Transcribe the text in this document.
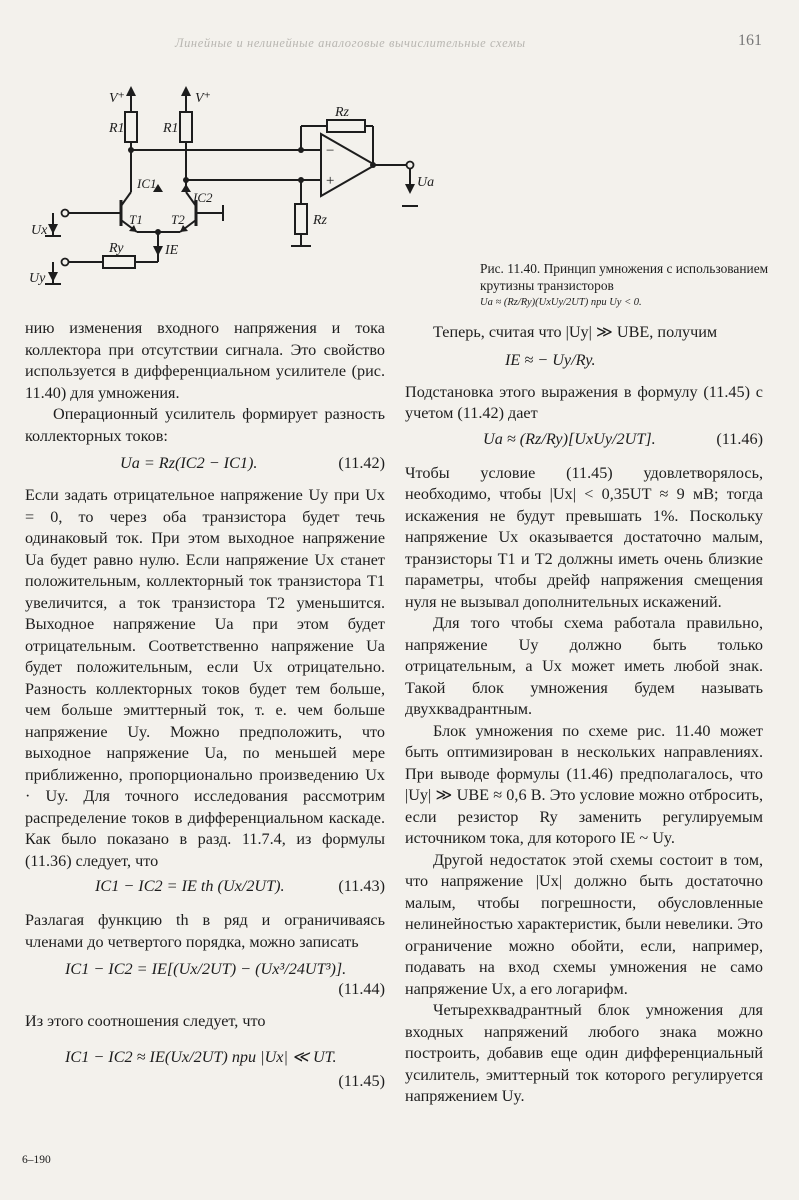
Линейные и нелинейные аналоговые вычислительные схемы	161
V⁺	V⁺
R1	R1
Rz
Rz
IC1
IC2
T1 T2
Ux
Ry	IE
Uy
Ua
−
+
Рис. 11.40. Принцип умножения с использованием крутизны транзисторов
Ua ≈ (Rz/Ry)(UxUy/2UT) при Uy < 0.

нию изменения входного напряжения и тока коллектора при отсутствии сигнала. Это свойство используется в дифференциальном усилителе (рис. 11.40) для умножения.

Операционный усилитель формирует разность коллекторных токов:

Ua = Rz(IC2 − IC1).	(11.42)

Если задать отрицательное напряжение Uy при Ux = 0, то через оба транзистора будет течь одинаковый ток. При этом выходное напряжение Ua будет равно нулю. Если напряжение Ux станет положительным, коллекторный ток транзистора T1 увеличится, а ток транзистора T2 уменьшится. Выходное напряжение Ua при этом будет отрицательным. Соответственно напряжение Ua будет положительным, если Ux отрицательно. Разность коллекторных токов будет тем больше, чем больше эмиттерный ток, т. е. чем больше напряжение Uy. Можно предположить, что выходное напряжение Ua, по меньшей мере приближенно, пропорционально произведению Ux · Uy. Для точного исследования рассмотрим распределение токов в дифференциальном каскаде. Как было показано в разд. 11.7.4, из формулы (11.36) следует, что

IC1 − IC2 = IE th (Ux/2UT).	(11.43)

Разлагая функцию th в ряд и ограничиваясь членами до четвертого порядка, можно записать

IC1 − IC2 = IE[(Ux/2UT) − (Ux³/24UT³)].
(11.44)

Из этого соотношения следует, что

IC1 − IC2 ≈ IE(Ux/2UT) при |Ux| ≪ UT.
(11.45)

Теперь, считая что |Uy| ≫ UBE, получим

IE ≈ − Uy/Ry.

Подстановка этого выражения в формулу (11.45) с учетом (11.42) дает

Ua ≈ (Rz/Ry)[UxUy/2UT].	(11.46)

Чтобы условие (11.45) удовлетворялось, необходимо, чтобы |Ux| < 0,35UT ≈ 9 мВ; тогда искажения не будут превышать 1%. Поскольку напряжение Ux оказывается достаточно малым, транзисторы T1 и T2 должны иметь очень близкие параметры, чтобы дрейф напряжения смещения нуля не вызывал дополнительных искажений.

Для того чтобы схема работала правильно, напряжение Uy должно быть только отрицательным, а Ux может иметь любой знак. Такой блок умножения будем называть двухквадрантным.

Блок умножения по схеме рис. 11.40 может быть оптимизирован в нескольких направлениях. При выводе формулы (11.46) предполагалось, что |Uy| ≫ UBE ≈ 0,6 В. Это условие можно отбросить, если резистор Ry заменить регулируемым источником тока, для которого IE ~ Uy.

Другой недостаток этой схемы состоит в том, что напряжение |Ux| должно быть достаточно малым, чтобы погрешности, обусловленные нелинейностью характеристик, были невелики. Это ограничение можно обойти, если, например, подавать на вход схемы умножения не само напряжение Ux, а его логарифм.

Четырехквадрантный блок умножения для входных напряжений любого знака можно построить, добавив еще один дифференциальный усилитель, эмиттерный ток которого регулируется напряжением Uy.

6–190
